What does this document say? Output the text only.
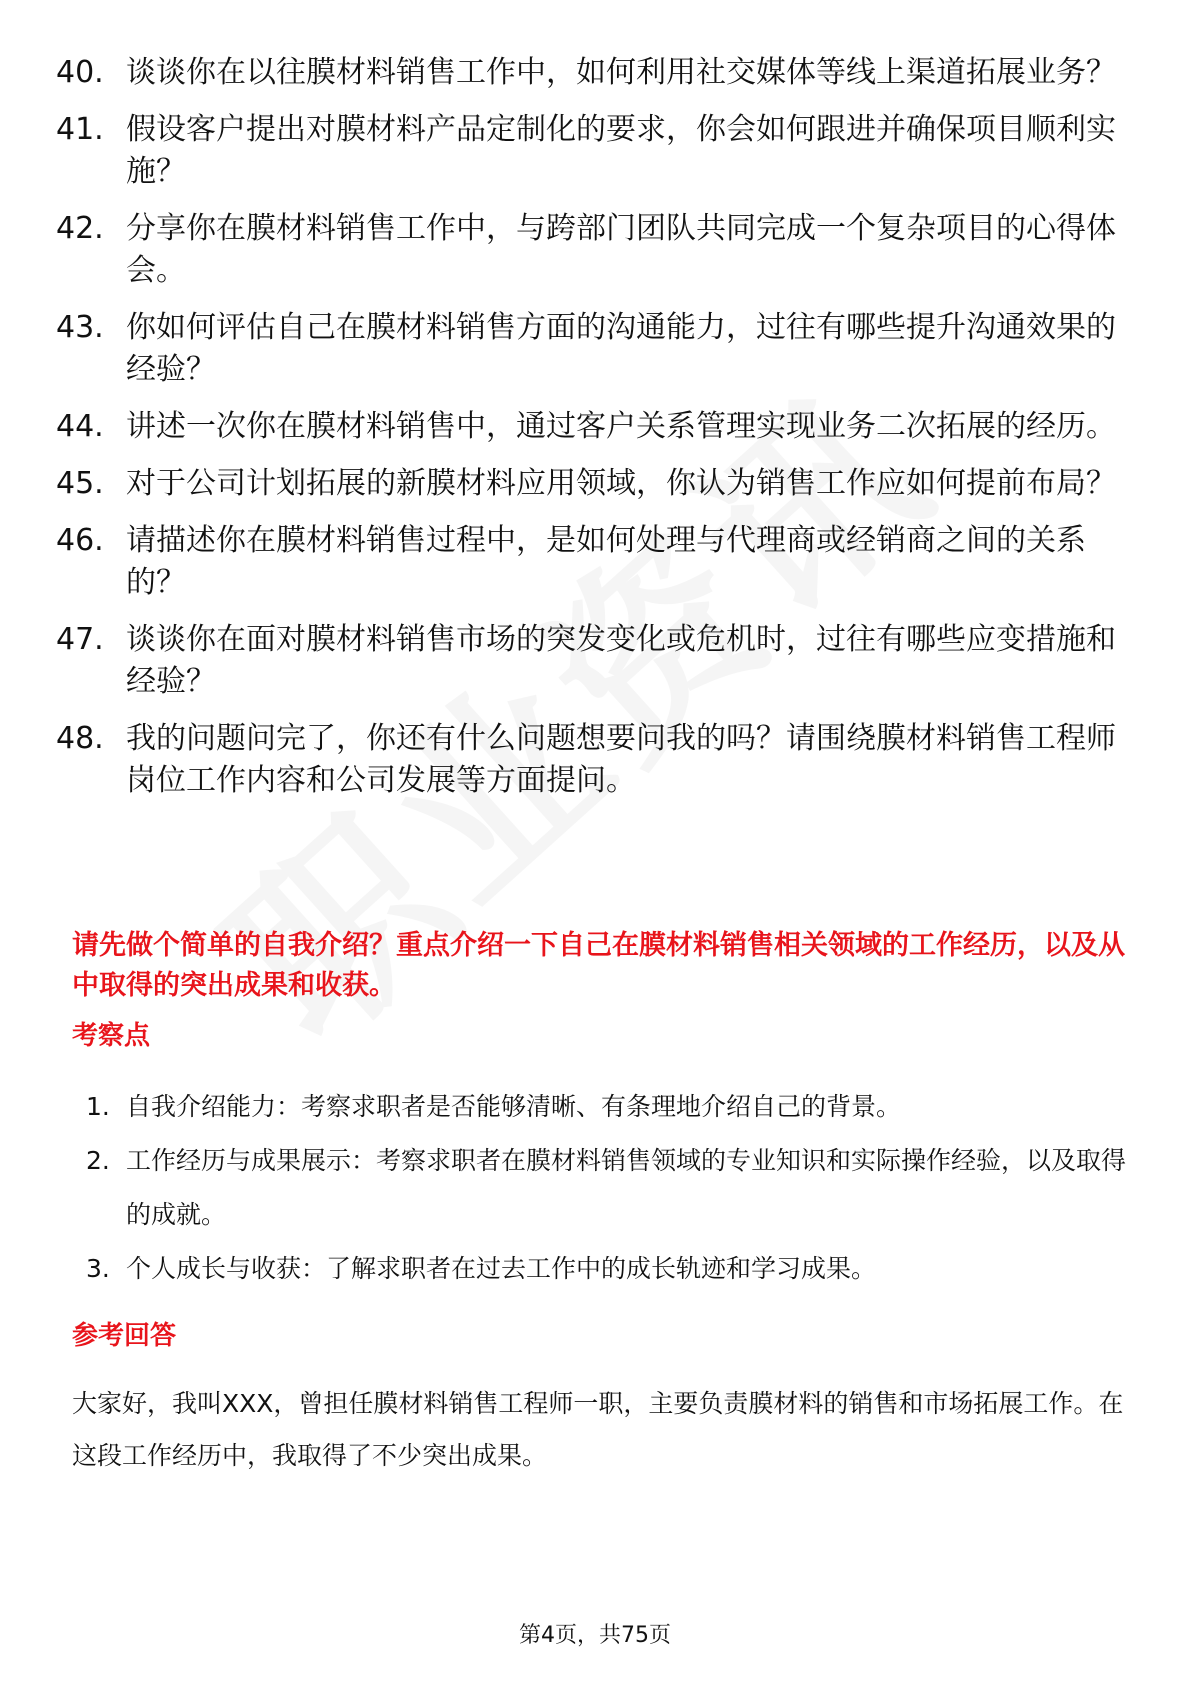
40. 谈谈你在以往膜材料销售工作中，如何利用社交媒体等线上渠道拓展业务？
41. 假设客户提出对膜材料产品定制化的要求，你会如何跟进并确保项目顺利实施？
42. 分享你在膜材料销售工作中，与跨部门团队共同完成一个复杂项目的心得体会。
43. 你如何评估自己在膜材料销售方面的沟通能力，过往有哪些提升沟通效果的经验？
44. 讲述一次你在膜材料销售中，通过客户关系管理实现业务二次拓展的经历。
45. 对于公司计划拓展的新膜材料应用领域，你认为销售工作应如何提前布局？
46. 请描述你在膜材料销售过程中，是如何处理与代理商或经销商之间的关系的？
47. 谈谈你在面对膜材料销售市场的突发变化或危机时，过往有哪些应变措施和经验？
48. 我的问题问完了，你还有什么问题想要问我的吗？请围绕膜材料销售工程师岗位工作内容和公司发展等方面提问。
请先做个简单的自我介绍？重点介绍一下自己在膜材料销售相关领域的工作经历，以及从中取得的突出成果和收获。
考察点
1. 自我介绍能力：考察求职者是否能够清晰、有条理地介绍自己的背景。
2. 工作经历与成果展示：考察求职者在膜材料销售领域的专业知识和实际操作经验，以及取得的成就。
3. 个人成长与收获：了解求职者在过去工作中的成长轨迹和学习成果。
参考回答
大家好，我叫XXX，曾担任膜材料销售工程师一职，主要负责膜材料的销售和市场拓展工作。在这段工作经历中，我取得了不少突出成果。
第4页，共75页
